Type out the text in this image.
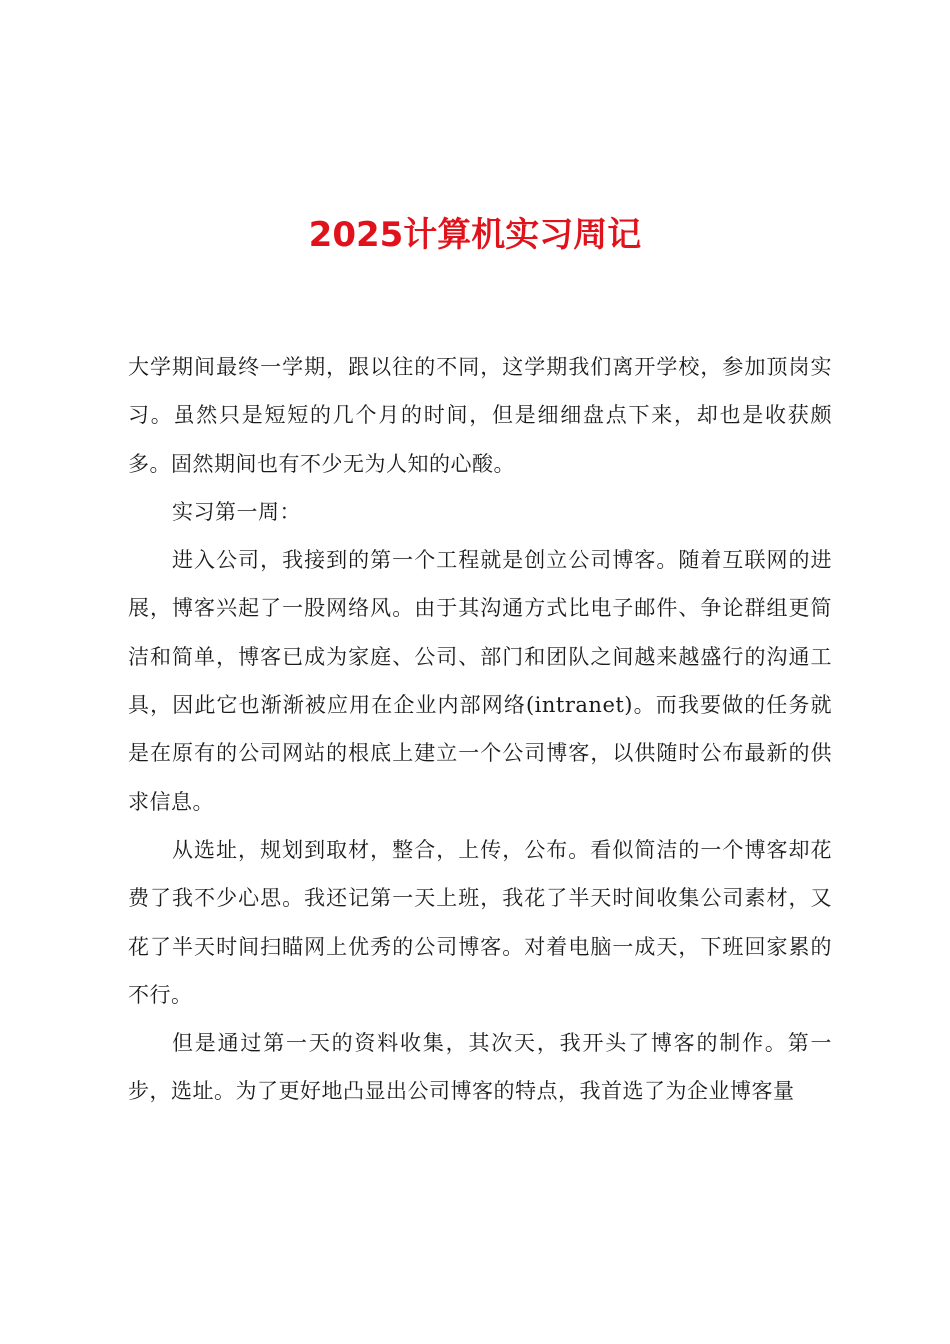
2025计算机实习周记

大学期间最终一学期，跟以往的不同，这学期我们离开学校，参加顶岗实习。虽然只是短短的几个月的时间，但是细细盘点下来，却也是收获颇多。固然期间也有不少无为人知的心酸。

实习第一周：

进入公司，我接到的第一个工程就是创立公司博客。随着互联网的进展，博客兴起了一股网络风。由于其沟通方式比电子邮件、争论群组更简洁和简单，博客已成为家庭、公司、部门和团队之间越来越盛行的沟通工具，因此它也渐渐被应用在企业内部网络(intranet)。而我要做的任务就是在原有的公司网站的根底上建立一个公司博客，以供随时公布最新的供求信息。

从选址，规划到取材，整合，上传，公布。看似简洁的一个博客却花费了我不少心思。我还记第一天上班，我花了半天时间收集公司素材，又花了半天时间扫瞄网上优秀的公司博客。对着电脑一成天，下班回家累的不行。

但是通过第一天的资料收集，其次天，我开头了博客的制作。第一步，选址。为了更好地凸显出公司博客的特点，我首选了为企业博客量
